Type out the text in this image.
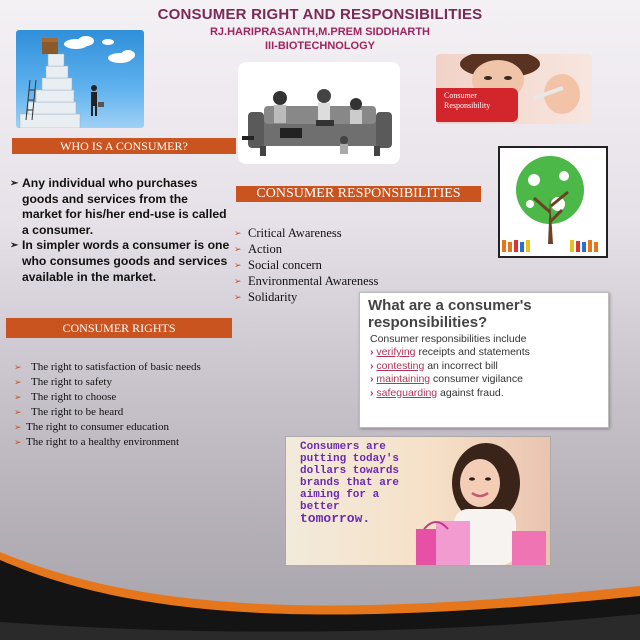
CONSUMER RIGHT AND RESPONSIBILITIES
RJ.HARIPRASANTH,M.PREM SIDDHARTH
III-BIOTECHNOLOGY
Consumer
Responsibility
WHO IS A CONSUMER?
CONSUMER RESPONSIBILITIES
CONSUMER RIGHTS
➢ Any individual who purchases goods and services from the market for his/her end-use is called a consumer.
➢ In simpler words a consumer is one who consumes goods and services available in the market.
➢ Critical Awareness
➢ Action
➢ Social concern
➢ Environmental Awareness
➢ Solidarity
➢ The right to satisfaction of basic needs
➢ The right to safety
➢ The right to choose
➢ The right to be heard
➢ The right to consumer education
➢ The right to a healthy environment
What are a consumer's
responsibilities?
Consumer responsibilities include
› verifying receipts and statements
› contesting an incorrect bill
› maintaining consumer vigilance
› safeguarding against fraud.
Consumers are
putting today's
dollars towards
brands that are
aiming for a
better
tomorrow.
